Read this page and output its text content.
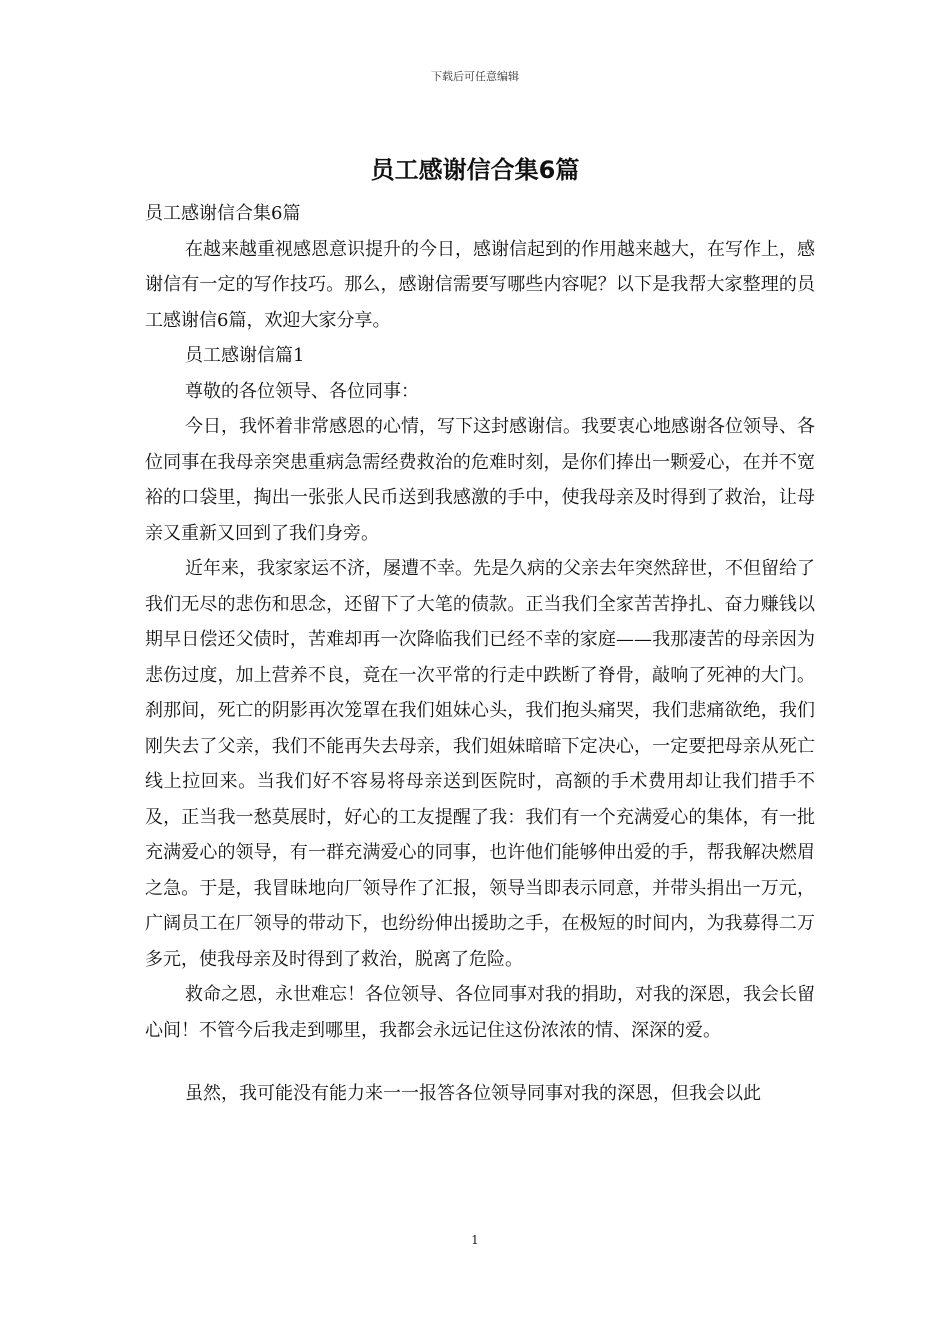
下载后可任意编辑
员工感谢信合集6篇

员工感谢信合集6篇

在越来越重视感恩意识提升的今日，感谢信起到的作用越来越大，在写作上，感谢信有一定的写作技巧。那么，感谢信需要写哪些内容呢？以下是我帮大家整理的员工感谢信6篇，欢迎大家分享。

员工感谢信篇1

尊敬的各位领导、各位同事：

今日，我怀着非常感恩的心情，写下这封感谢信。我要衷心地感谢各位领导、各位同事在我母亲突患重病急需经费救治的危难时刻，是你们捧出一颗爱心，在并不宽裕的口袋里，掏出一张张人民币送到我感激的手中，使我母亲及时得到了救治，让母亲又重新又回到了我们身旁。

近年来，我家家运不济，屡遭不幸。先是久病的父亲去年突然辞世，不但留给了我们无尽的悲伤和思念，还留下了大笔的债款。正当我们全家苦苦挣扎、奋力赚钱以期早日偿还父债时，苦难却再一次降临我们已经不幸的家庭——我那凄苦的母亲因为悲伤过度，加上营养不良，竟在一次平常的行走中跌断了脊骨，敲响了死神的大门。刹那间，死亡的阴影再次笼罩在我们姐妹心头，我们抱头痛哭，我们悲痛欲绝，我们刚失去了父亲，我们不能再失去母亲，我们姐妹暗暗下定决心，一定要把母亲从死亡线上拉回来。当我们好不容易将母亲送到医院时，高额的手术费用却让我们措手不及，正当我一愁莫展时，好心的工友提醒了我：我们有一个充满爱心的集体，有一批充满爱心的领导，有一群充满爱心的同事，也许他们能够伸出爱的手，帮我解决燃眉之急。于是，我冒昧地向厂领导作了汇报，领导当即表示同意，并带头捐出一万元，广阔员工在厂领导的带动下，也纷纷伸出援助之手，在极短的时间内，为我募得二万多元，使我母亲及时得到了救治，脱离了危险。

救命之恩，永世难忘！各位领导、各位同事对我的捐助，对我的深恩，我会长留心间！不管今后我走到哪里，我都会永远记住这份浓浓的情、深深的爱。

虽然，我可能没有能力来一一报答各位领导同事对我的深恩，但我会以此

1
